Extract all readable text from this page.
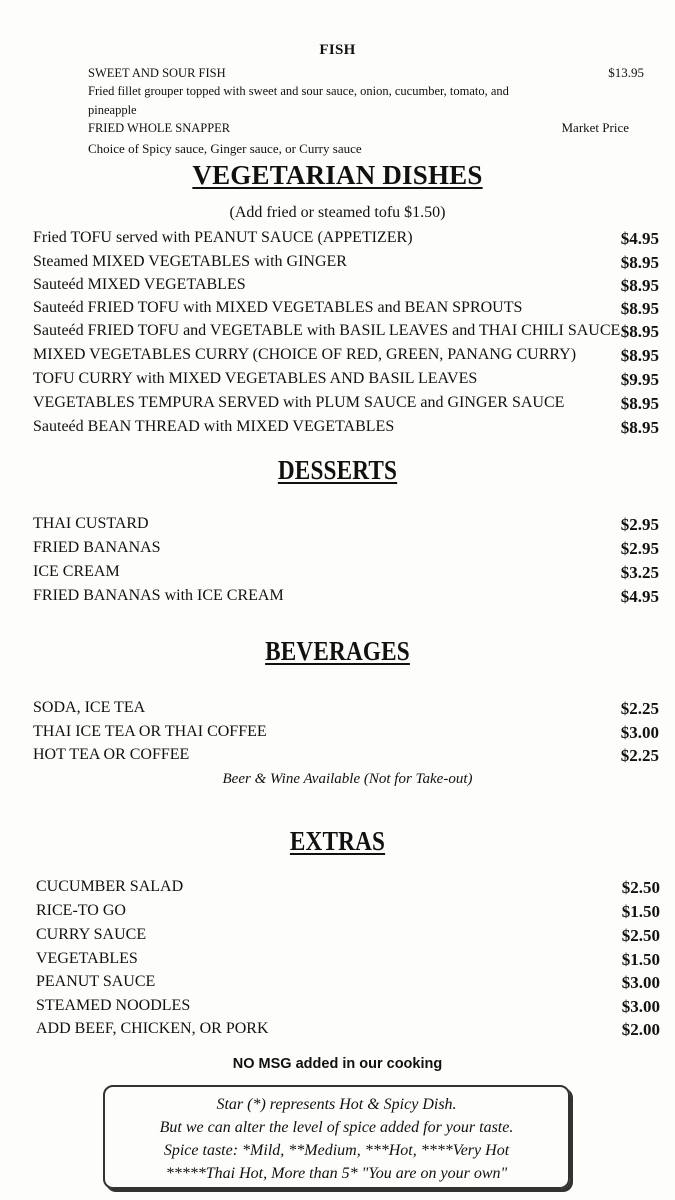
FISH
SWEET AND SOUR FISH	$13.95
Fried fillet grouper topped with sweet and sour sauce, onion, cucumber, tomato, and
pineapple
FRIED WHOLE SNAPPER	Market Price
Choice of Spicy sauce, Ginger sauce, or Curry sauce
VEGETARIAN DISHES
(Add fried or steamed tofu $1.50)
Fried TOFU served with PEANUT SAUCE (APPETIZER)	$4.95
Steamed MIXED VEGETABLES with GINGER	$8.95
Sauteéd MIXED VEGETABLES	$8.95
Sauteéd FRIED TOFU with MIXED VEGETABLES and BEAN SPROUTS	$8.95
Sauteéd FRIED TOFU and VEGETABLE with BASIL LEAVES and THAI CHILI SAUCE $8.95
MIXED VEGETABLES CURRY (CHOICE OF RED, GREEN, PANANG CURRY)	$8.95
TOFU CURRY with MIXED VEGETABLES AND BASIL LEAVES	$9.95
VEGETABLES TEMPURA SERVED with PLUM SAUCE and GINGER SAUCE	$8.95
Sauteéd BEAN THREAD with MIXED VEGETABLES	$8.95
DESSERTS
THAI CUSTARD	$2.95
FRIED BANANAS	$2.95
ICE CREAM	$3.25
FRIED BANANAS with ICE CREAM	$4.95
BEVERAGES
SODA, ICE TEA	$2.25
THAI ICE TEA OR THAI COFFEE	$3.00
HOT TEA OR COFFEE	$2.25
Beer & Wine Available (Not for Take-out)
EXTRAS
CUCUMBER SALAD	$2.50
RICE-TO GO	$1.50
CURRY SAUCE	$2.50
VEGETABLES	$1.50
PEANUT SAUCE	$3.00
STEAMED NOODLES	$3.00
ADD BEEF, CHICKEN, OR PORK	$2.00
NO MSG added in our cooking
Star (*) represents Hot & Spicy Dish.
But we can alter the level of spice added for your taste.
Spice taste: *Mild, **Medium, ***Hot, ****Very Hot
*****Thai Hot, More than 5* "You are on your own"
